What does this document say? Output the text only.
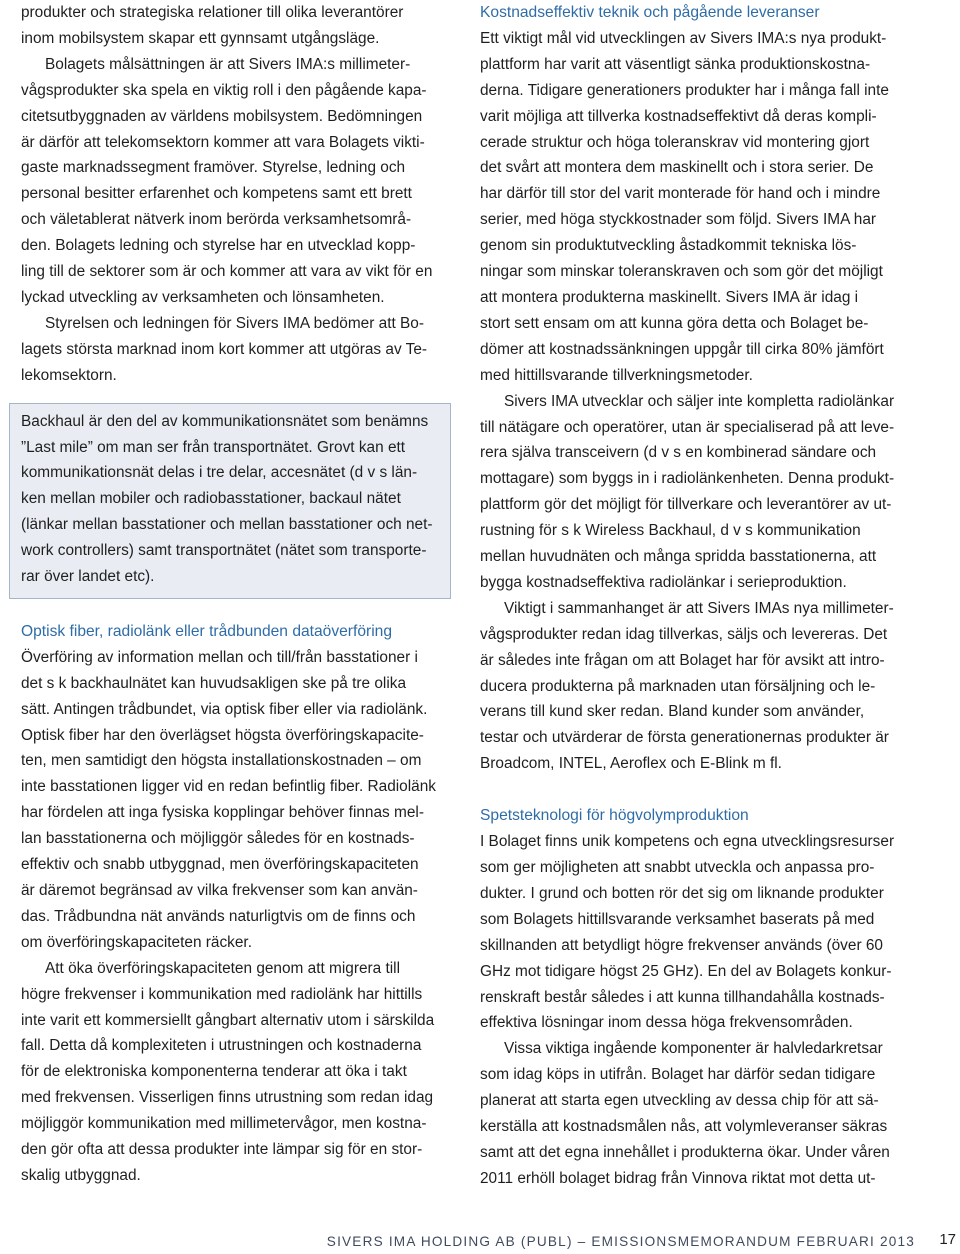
produkter och strategiska relationer till olika leverantörer
inom mobilsystem skapar ett gynnsamt utgångsläge.
Bolagets målsättningen är att Sivers IMA:s millimeter-
vågsprodukter ska spela en viktig roll i den pågående kapa-
citetsutbyggnaden av världens mobilsystem. Bedömningen
är därför att telekomsektorn kommer att vara Bolagets vikti-
gaste marknadssegment framöver. Styrelse, ledning och
personal besitter erfarenhet och kompetens samt ett brett
och väletablerat nätverk inom berörda verksamhetsområ-
den. Bolagets ledning och styrelse har en utvecklad kopp-
ling till de sektorer som är och kommer att vara av vikt för en
lyckad utveckling av verksamheten och lönsamheten.
Styrelsen och ledningen för Sivers IMA bedömer att Bo-
lagets största marknad inom kort kommer att utgöras av Te-
lekomsektorn.
Backhaul är den del av kommunikationsnätet som benämns
”Last mile” om man ser från transportnätet. Grovt kan ett
kommunikationsnät delas i tre delar, accesnätet (d v s län-
ken mellan mobiler och radiobasstationer, backaul nätet
(länkar mellan basstationer och mellan basstationer och net-
work controllers) samt transportnätet (nätet som transporte-
rar över landet etc).
Optisk fiber, radiolänk eller trådbunden dataöverföring
Överföring av information mellan och till/från basstationer i
det s k backhaulnätet kan huvudsakligen ske på tre olika
sätt. Antingen trådbundet, via optisk fiber eller via radiolänk.
Optisk fiber har den överlägset högsta överföringskapacite-
ten, men samtidigt den högsta installationskostnaden – om
inte basstationen ligger vid en redan befintlig fiber. Radiolänk
har fördelen att inga fysiska kopplingar behöver finnas mel-
lan basstationerna och möjliggör således för en kostnads-
effektiv och snabb utbyggnad, men överföringskapaciteten
är däremot begränsad av vilka frekvenser som kan använ-
das. Trådbundna nät används naturligtvis om de finns och
om överföringskapaciteten räcker.
Att öka överföringskapaciteten genom att migrera till
högre frekvenser i kommunikation med radiolänk har hittills
inte varit ett kommersiellt gångbart alternativ utom i särskilda
fall. Detta då komplexiteten i utrustningen och kostnaderna
för de elektroniska komponenterna tenderar att öka i takt
med frekvensen. Visserligen finns utrustning som redan idag
möjliggör kommunikation med millimetervågor, men kostna-
den gör ofta att dessa produkter inte lämpar sig för en stor-
skalig utbyggnad.
Kostnadseffektiv teknik och pågående leveranser
Ett viktigt mål vid utvecklingen av Sivers IMA:s nya produkt-
plattform har varit att väsentligt sänka produktionskostna-
derna. Tidigare generationers produkter har i många fall inte
varit möjliga att tillverka kostnadseffektivt då deras kompli-
cerade struktur och höga toleranskrav vid montering gjort
det svårt att montera dem maskinellt och i stora serier. De
har därför till stor del varit monterade för hand och i mindre
serier, med höga styckkostnader som följd. Sivers IMA har
genom sin produktutveckling åstadkommit tekniska lös-
ningar som minskar toleranskraven och som gör det möjligt
att montera produkterna maskinellt. Sivers IMA är idag i
stort sett ensam om att kunna göra detta och Bolaget be-
dömer att kostnadssänkningen uppgår till cirka 80% jämfört
med hittillsvarande tillverkningsmetoder.
Sivers IMA utvecklar och säljer inte kompletta radiolänkar
till nätägare och operatörer, utan är specialiserad på att leve-
rera själva transceivern (d v s en kombinerad sändare och
mottagare) som byggs in i radiolänkenheten. Denna produkt-
plattform gör det möjligt för tillverkare och leverantörer av ut-
rustning för s k Wireless Backhaul, d v s kommunikation
mellan huvudnäten och många spridda basstationerna, att
bygga kostnadseffektiva radiolänkar i serieproduktion.
Viktigt i sammanhanget är att Sivers IMAs nya millimeter-
vågsprodukter redan idag tillverkas, säljs och levereras. Det
är således inte frågan om att Bolaget har för avsikt att intro-
ducera produkterna på marknaden utan försäljning och le-
verans till kund sker redan. Bland kunder som använder,
testar och utvärderar de första generationernas produkter är
Broadcom, INTEL, Aeroflex och E-Blink m fl.
Spetsteknologi för högvolymproduktion
I Bolaget finns unik kompetens och egna utvecklingsresurser
som ger möjligheten att snabbt utveckla och anpassa pro-
dukter. I grund och botten rör det sig om liknande produkter
som Bolagets hittillsvarande verksamhet baserats på med
skillnanden att betydligt högre frekvenser används (över 60
GHz mot tidigare högst 25 GHz). En del av Bolagets konkur-
renskraft består således i att kunna tillhandahålla kostnads-
effektiva lösningar inom dessa höga frekvensområden.
Vissa viktiga ingående komponenter är halvledarkretsar
som idag köps in utifrån. Bolaget har därför sedan tidigare
planerat att starta egen utveckling av dessa chip för att sä-
kerställa att kostnadsmålen nås, att volymleveranser säkras
samt att det egna innehållet i produkterna ökar. Under våren
2011 erhöll bolaget bidrag från Vinnova riktat mot detta ut-
SIVERS IMA HOLDING AB (PUBL) – EMISSIONSMEMORANDUM FEBRUARI 2013 17
